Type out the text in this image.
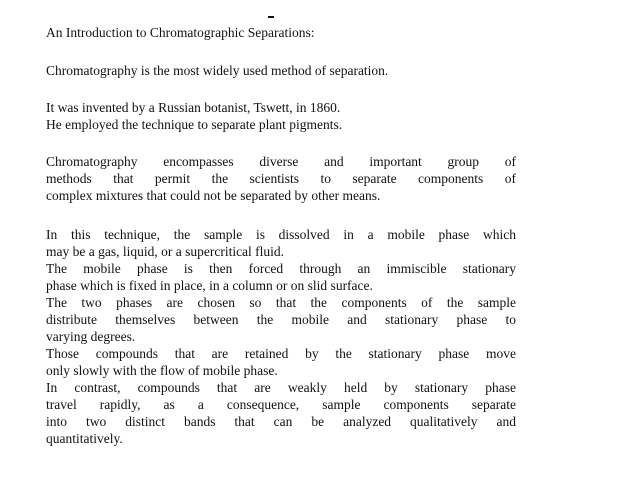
An Introduction to Chromatographic Separations:

Chromatography is the most widely used method of separation.

It was invented by a Russian botanist, Tswett, in 1860.
He employed the technique to separate plant pigments.

Chromatography encompasses diverse and important group of
methods that permit the scientists to separate components of
complex mixtures that could not be separated by other means.

In this technique, the sample is dissolved in a mobile phase which
may be a gas, liquid, or a supercritical fluid.
The mobile phase is then forced through an immiscible stationary
phase which is fixed in place, in a column or on slid surface.
The two phases are chosen so that the components of the sample
distribute themselves between the mobile and stationary phase to
varying degrees.
Those compounds that are retained by the stationary phase move
only slowly with the flow of mobile phase.
In contrast, compounds that are weakly held by stationary phase
travel rapidly, as a consequence, sample components separate
into two distinct bands that can be analyzed qualitatively and
quantitatively.
